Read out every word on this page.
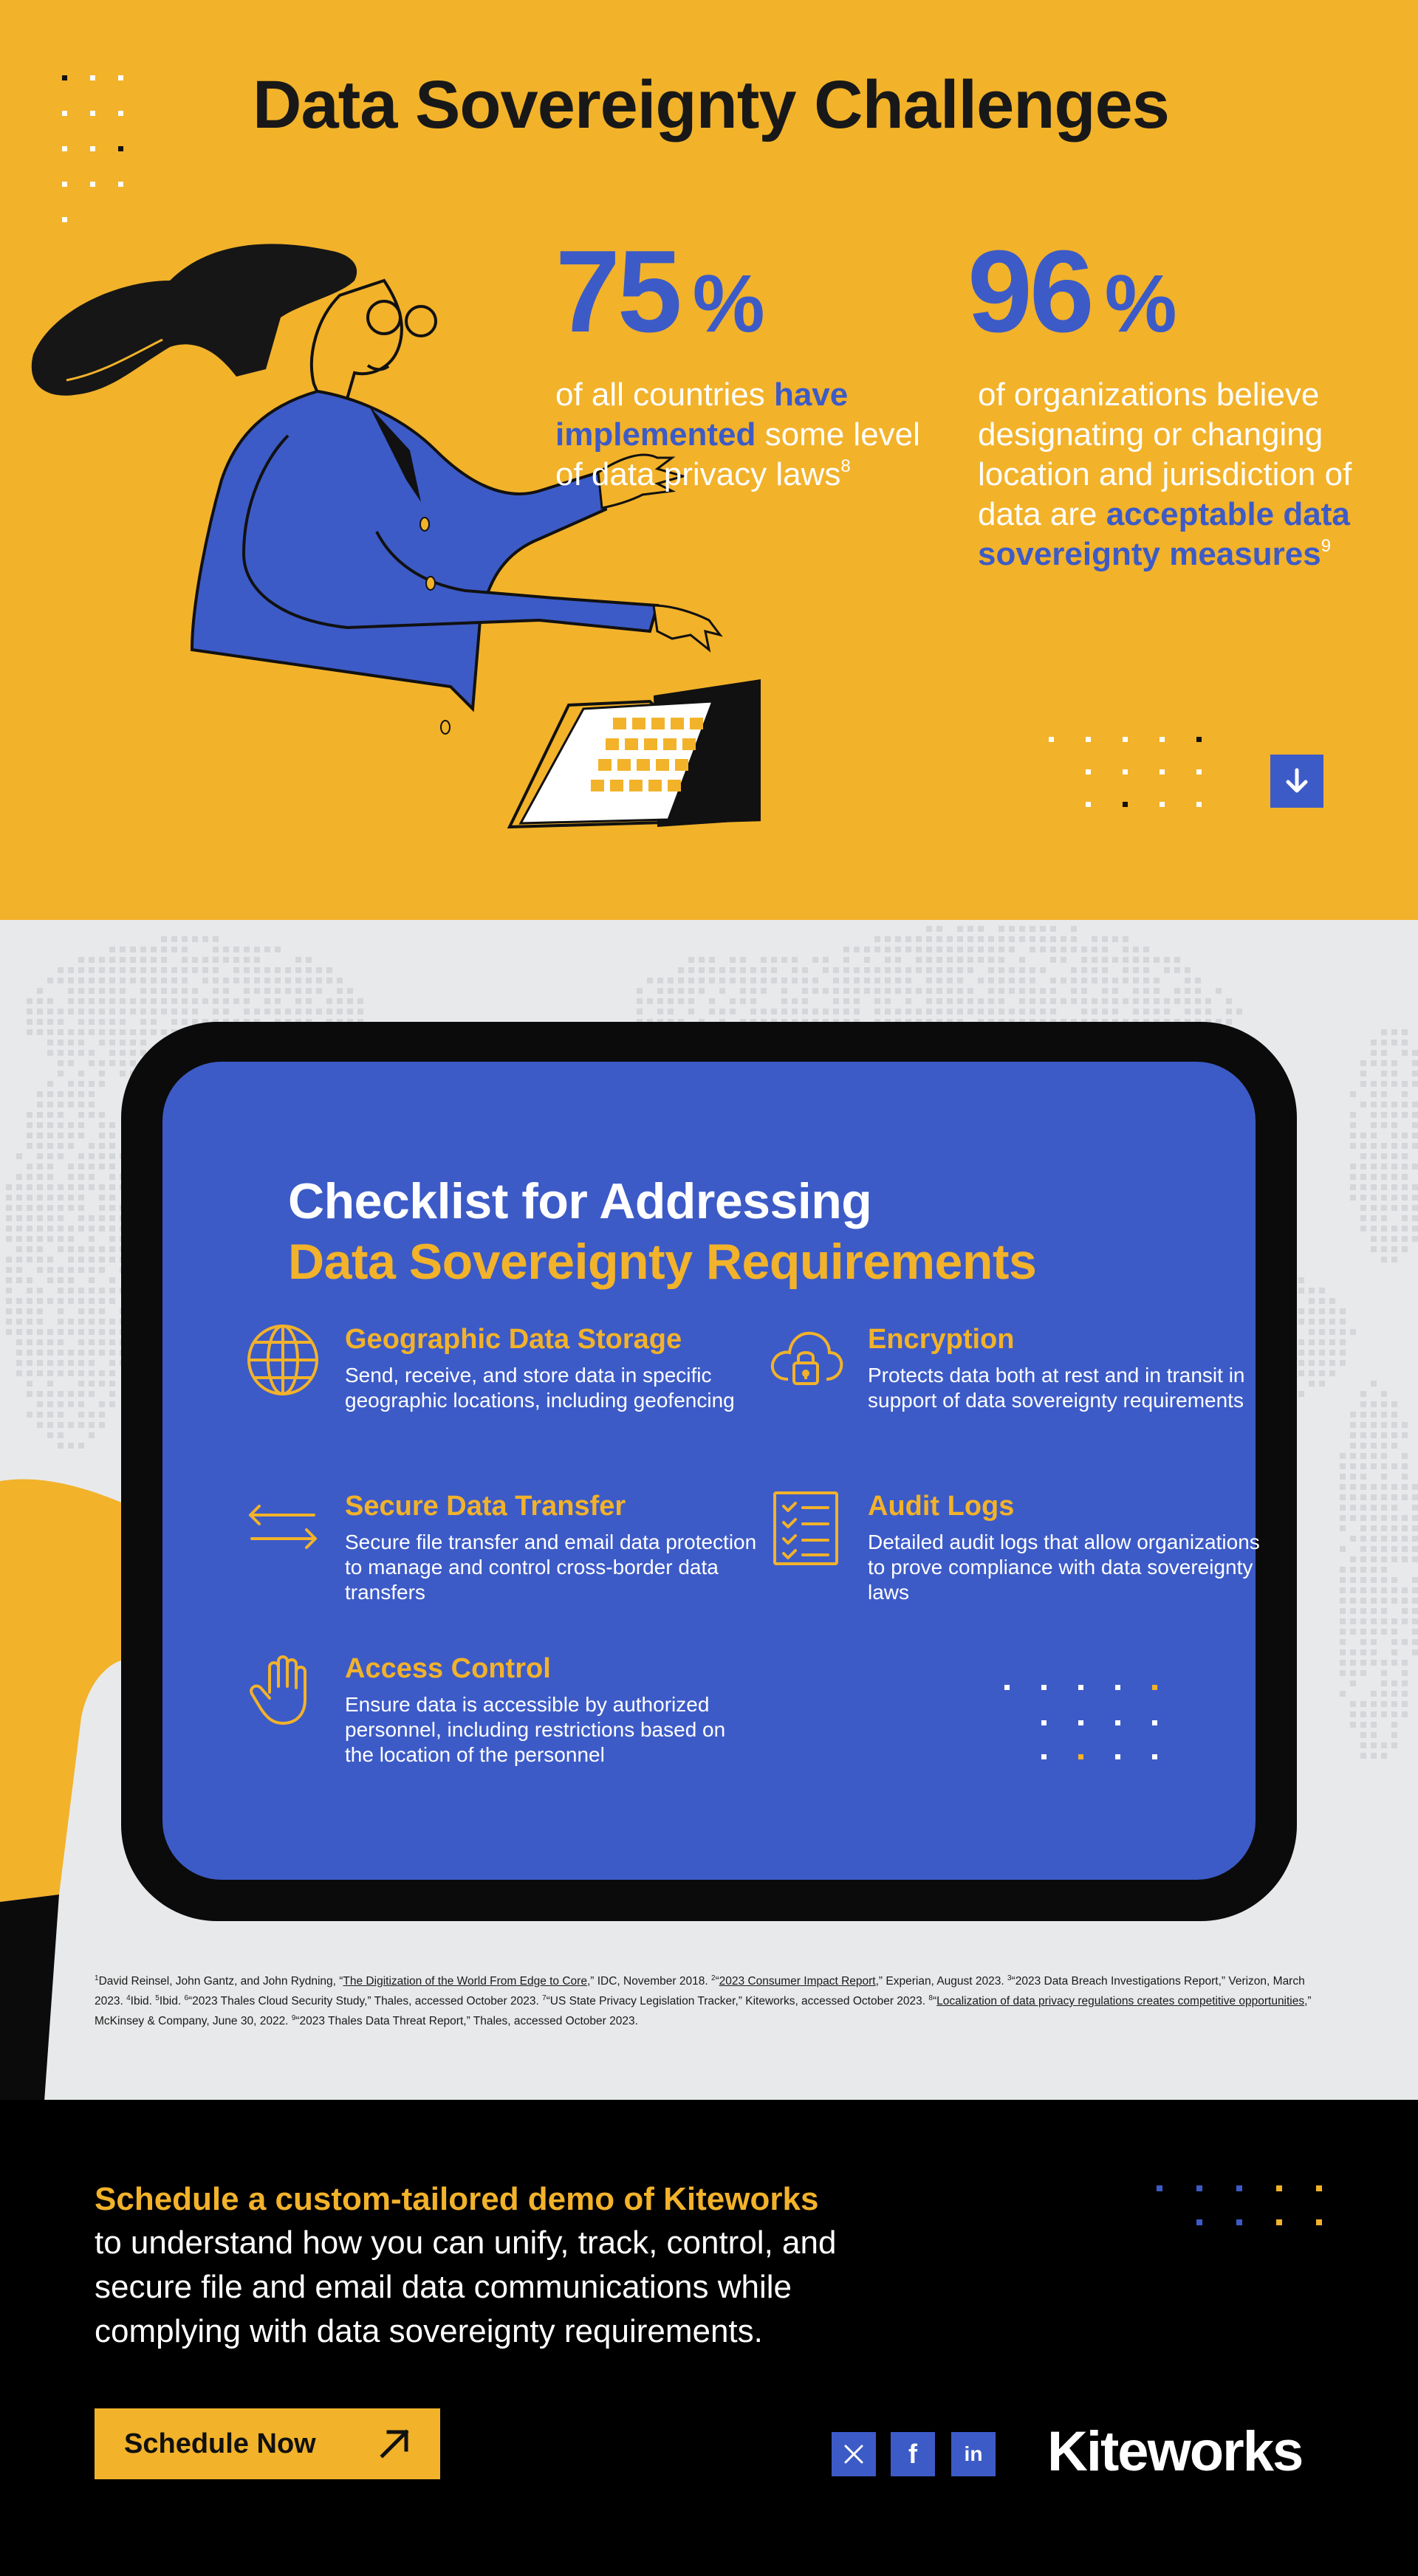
Data Sovereignty Challenges
75 %
of all countries have implemented some level of data privacy laws$^8$
96 %
of organizations believe designating or changing location and jurisdiction of data are acceptable data sovereignty measures$^9$
Checklist for Addressing
Data Sovereignty Requirements
Geographic Data Storage

Send, receive, and store data in specific geographic locations, including geofencing

Encryption

Protects data both at rest and in transit in support of data sovereignty requirements

Secure Data Transfer

Secure file transfer and email data protection to manage and control cross-border data transfers

Audit Logs

Detailed audit logs that allow organizations to prove compliance with data sovereignty laws

Access Control

Ensure data is accessible by authorized personnel, including restrictions based on the location of the personnel

$^1$David Reinsel, John Gantz, and John Rydning, “The Digitization of the World From Edge to Core,” IDC, November 2018. $^2$“2023 Consumer Impact Report,” Experian, August 2023. $^3$“2023 Data Breach Investigations Report,” Verizon, March 2023. $^4$Ibid. $^5$Ibid. $^6$“2023 Thales Cloud Security Study,” Thales, accessed October 2023. $^7$“US State Privacy Legislation Tracker,” Kiteworks, accessed October 2023. $^8$“Localization of data privacy regulations creates competitive opportunities,” McKinsey & Company, June 30, 2022. $^9$“2023 Thales Data Threat Report,” Thales, accessed October 2023.

Schedule a custom-tailored demo of Kiteworks

to understand how you can unify, track, control, and secure file and email data communications while complying with data sovereignty requirements.

Schedule Now	f in Kiteworks
